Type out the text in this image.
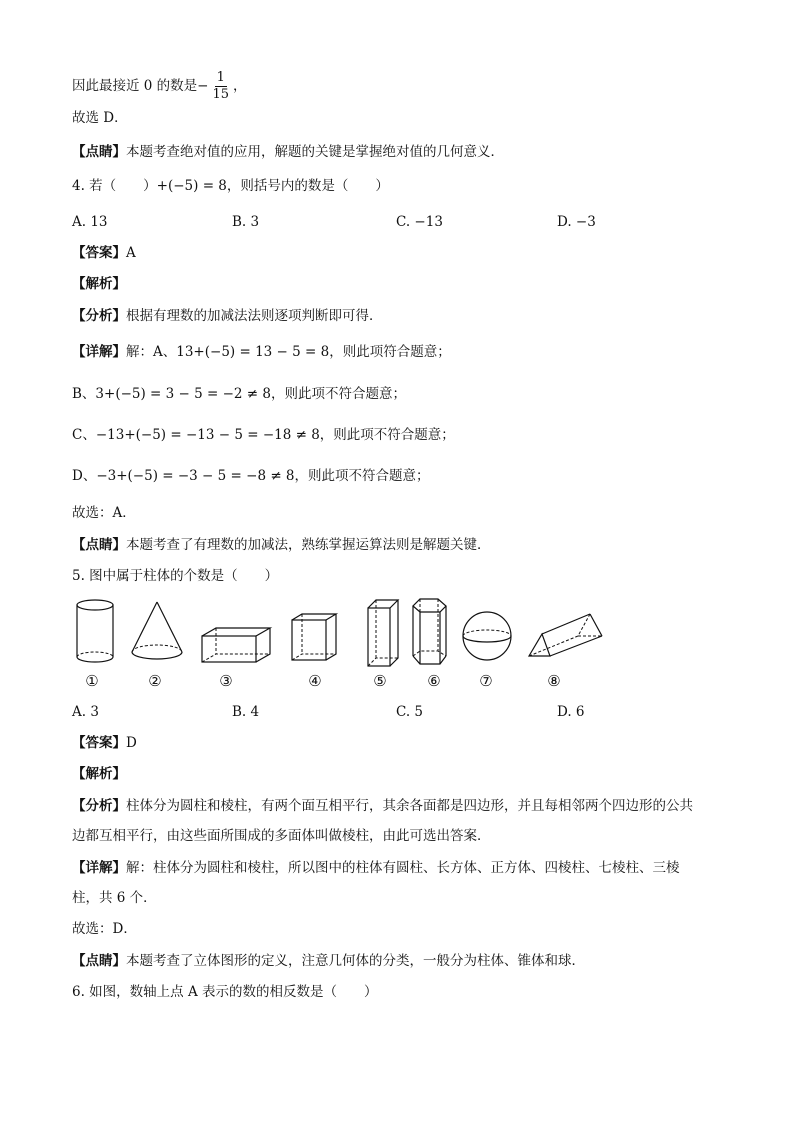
因此最接近 0 的数是− $\frac{1}{15}$ ，
故选 D．
【点睛】本题考查绝对值的应用，解题的关键是掌握绝对值的几何意义．
4. 若（　　）+(−5) = 8，则括号内的数是（　　）
A. 13	B. 3	C. −13	D. −3
【答案】A
【解析】
【分析】根据有理数的加减法法则逐项判断即可得．
【详解】解：A、13+(−5) = 13 − 5 = 8，则此项符合题意；
B、3+(−5) = 3 − 5 = −2 ≠ 8，则此项不符合题意；
C、−13+(−5) = −13 − 5 = −18 ≠ 8，则此项不符合题意；
D、−3+(−5) = −3 − 5 = −8 ≠ 8，则此项不符合题意；
故选：A．
【点睛】本题考查了有理数的加减法，熟练掌握运算法则是解题关键．
5. 图中属于柱体的个数是（　　）
①	②	③	④	⑤	⑥	⑦	⑧
A. 3	B. 4	C. 5	D. 6
【答案】D
【解析】
【分析】柱体分为圆柱和棱柱，有两个面互相平行，其余各面都是四边形，并且每相邻两个四边形的公共
边都互相平行，由这些面所围成的多面体叫做棱柱，由此可选出答案．
【详解】解：柱体分为圆柱和棱柱，所以图中的柱体有圆柱、长方体、正方体、四棱柱、七棱柱、三棱
柱，共 6 个．
故选：D．
【点睛】本题考查了立体图形的定义，注意几何体的分类，一般分为柱体、锥体和球．
6. 如图，数轴上点 A 表示的数的相反数是（　　）
